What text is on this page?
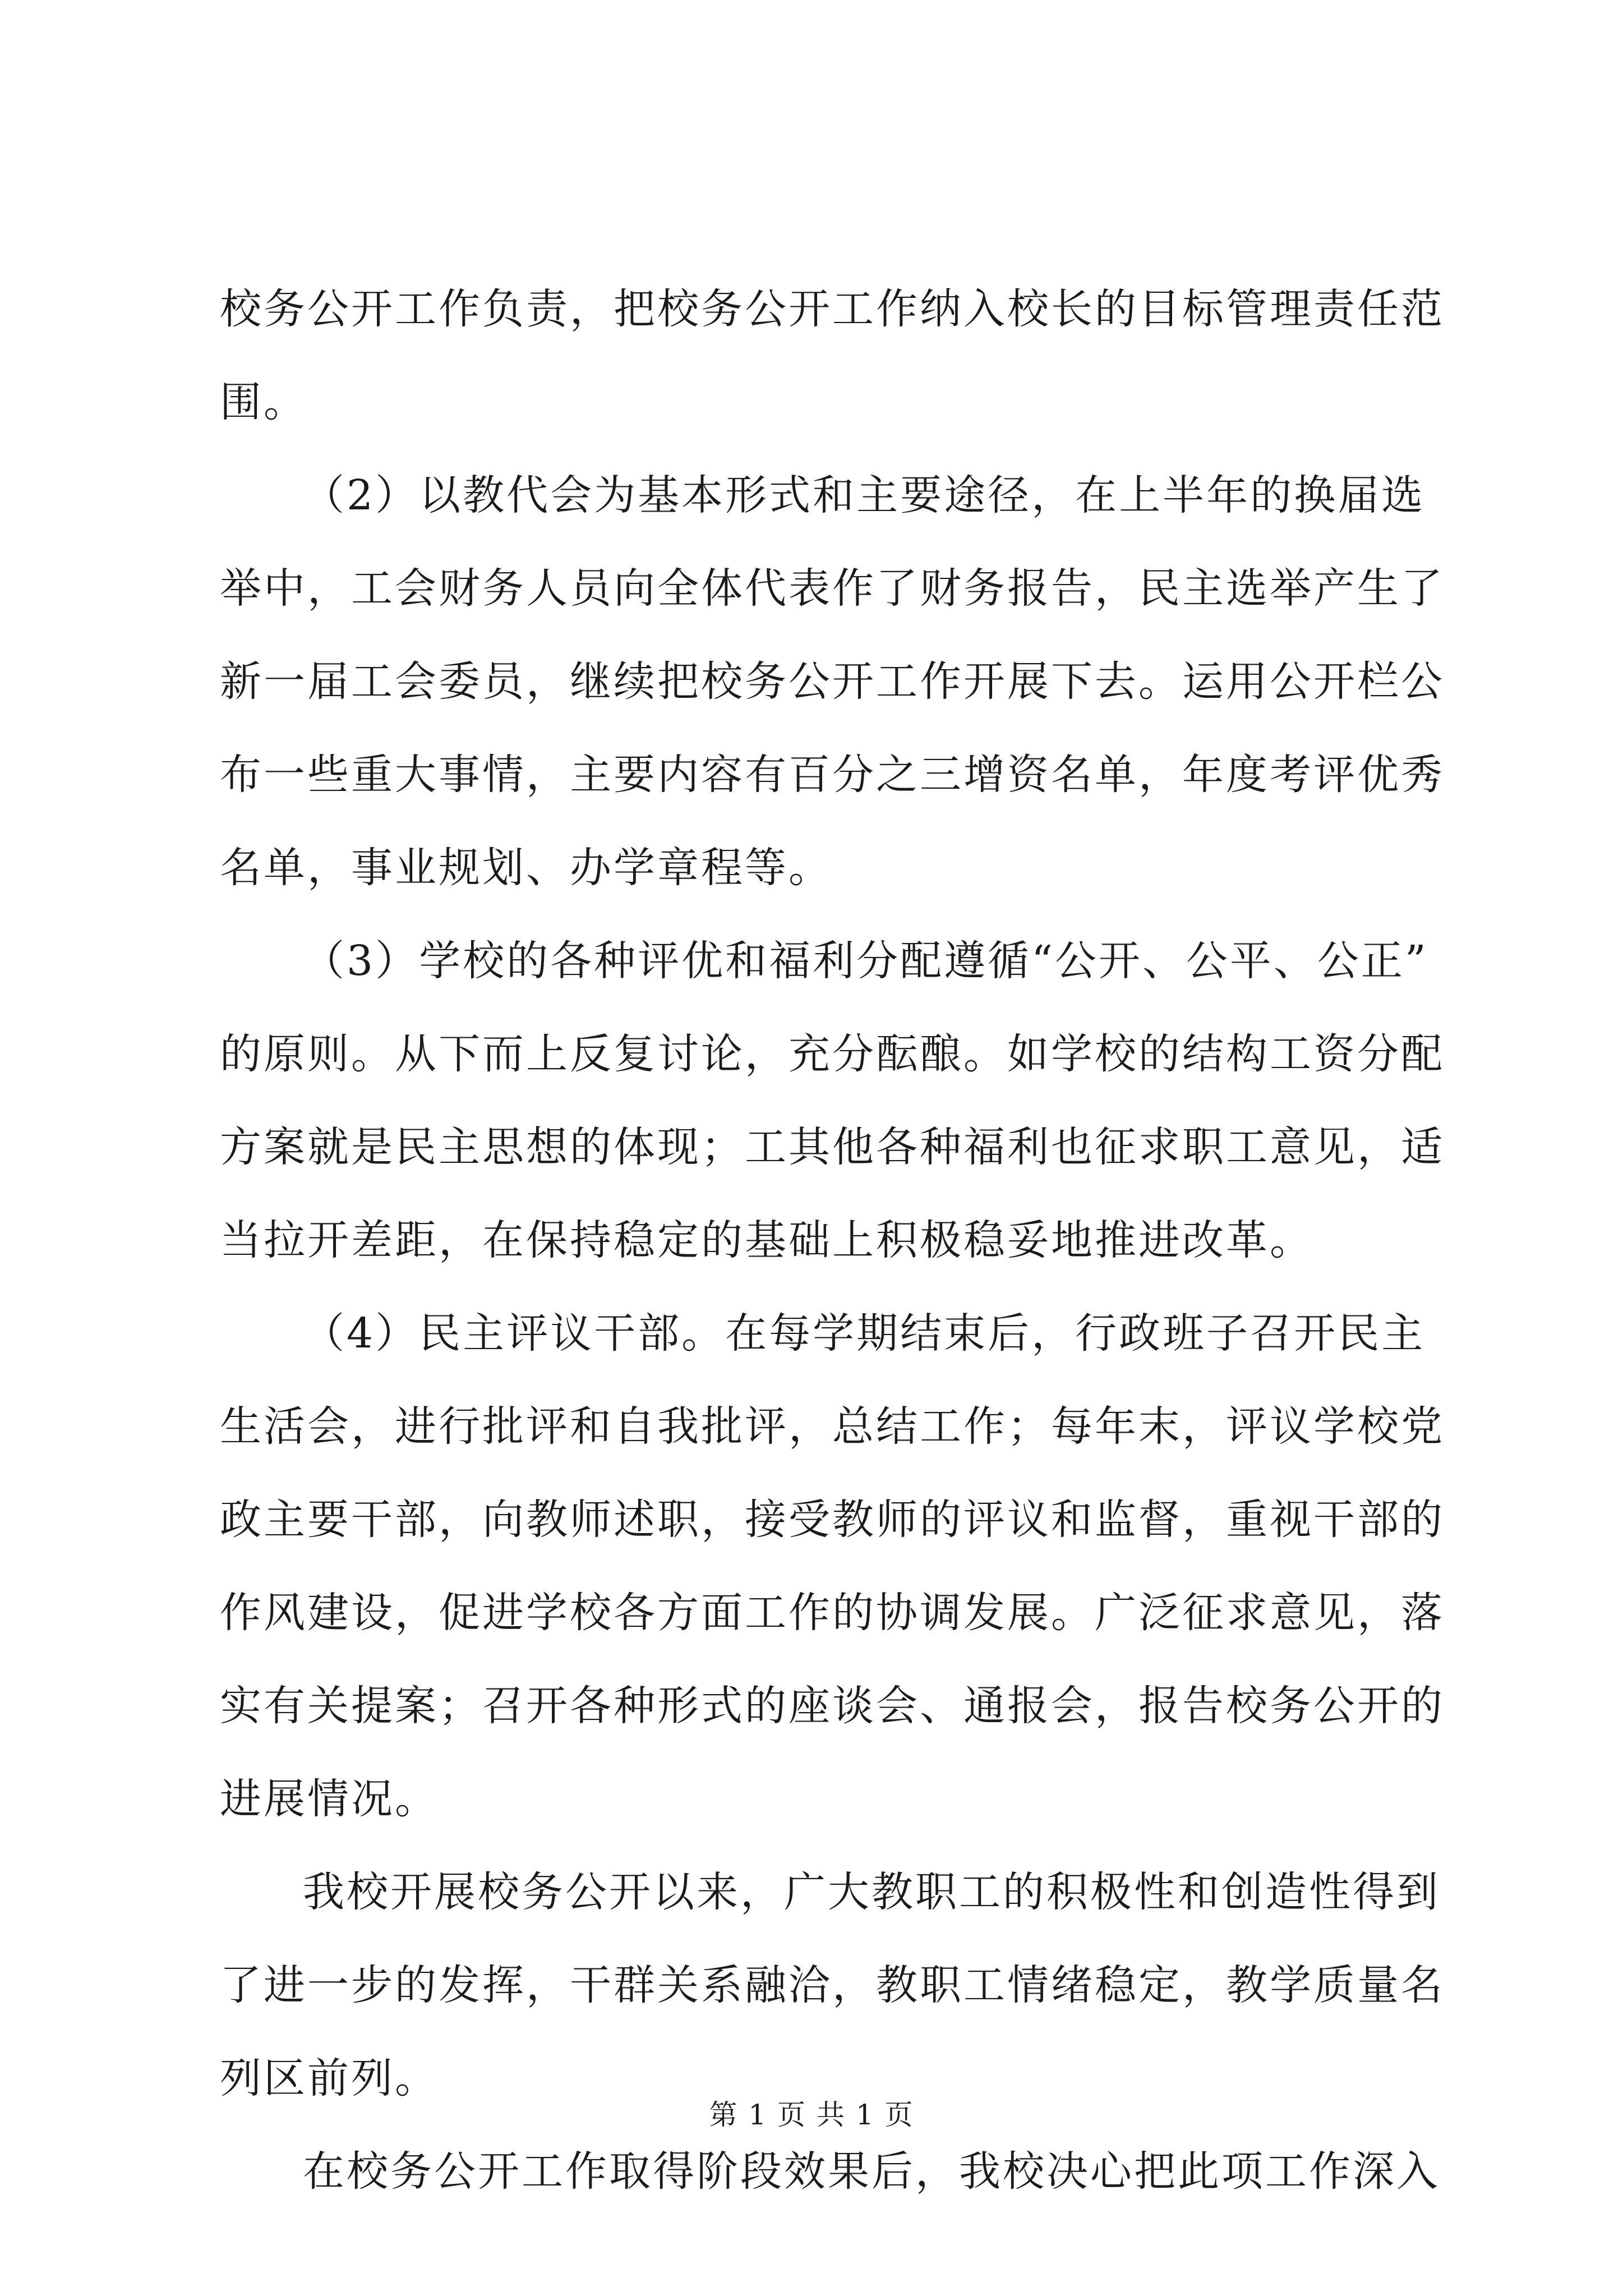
校务公开工作负责，把校务公开工作纳入校长的目标管理责任范
围。
（2）以教代会为基本形式和主要途径，在上半年的换届选
举中，工会财务人员向全体代表作了财务报告，民主选举产生了
新一届工会委员，继续把校务公开工作开展下去。运用公开栏公
布一些重大事情，主要内容有百分之三增资名单，年度考评优秀
名单，事业规划、办学章程等。
（3）学校的各种评优和福利分配遵循“公开、公平、公正”
的原则。从下而上反复讨论，充分酝酿。如学校的结构工资分配
方案就是民主思想的体现；工其他各种福利也征求职工意见，适
当拉开差距，在保持稳定的基础上积极稳妥地推进改革。
（4）民主评议干部。在每学期结束后，行政班子召开民主
生活会，进行批评和自我批评，总结工作；每年末，评议学校党
政主要干部，向教师述职，接受教师的评议和监督，重视干部的
作风建设，促进学校各方面工作的协调发展。广泛征求意见，落
实有关提案；召开各种形式的座谈会、通报会，报告校务公开的
进展情况。
我校开展校务公开以来，广大教职工的积极性和创造性得到
了进一步的发挥，干群关系融洽，教职工情绪稳定，教学质量名
列区前列。
在校务公开工作取得阶段效果后，我校决心把此项工作深入
第 1 页 共 1 页
